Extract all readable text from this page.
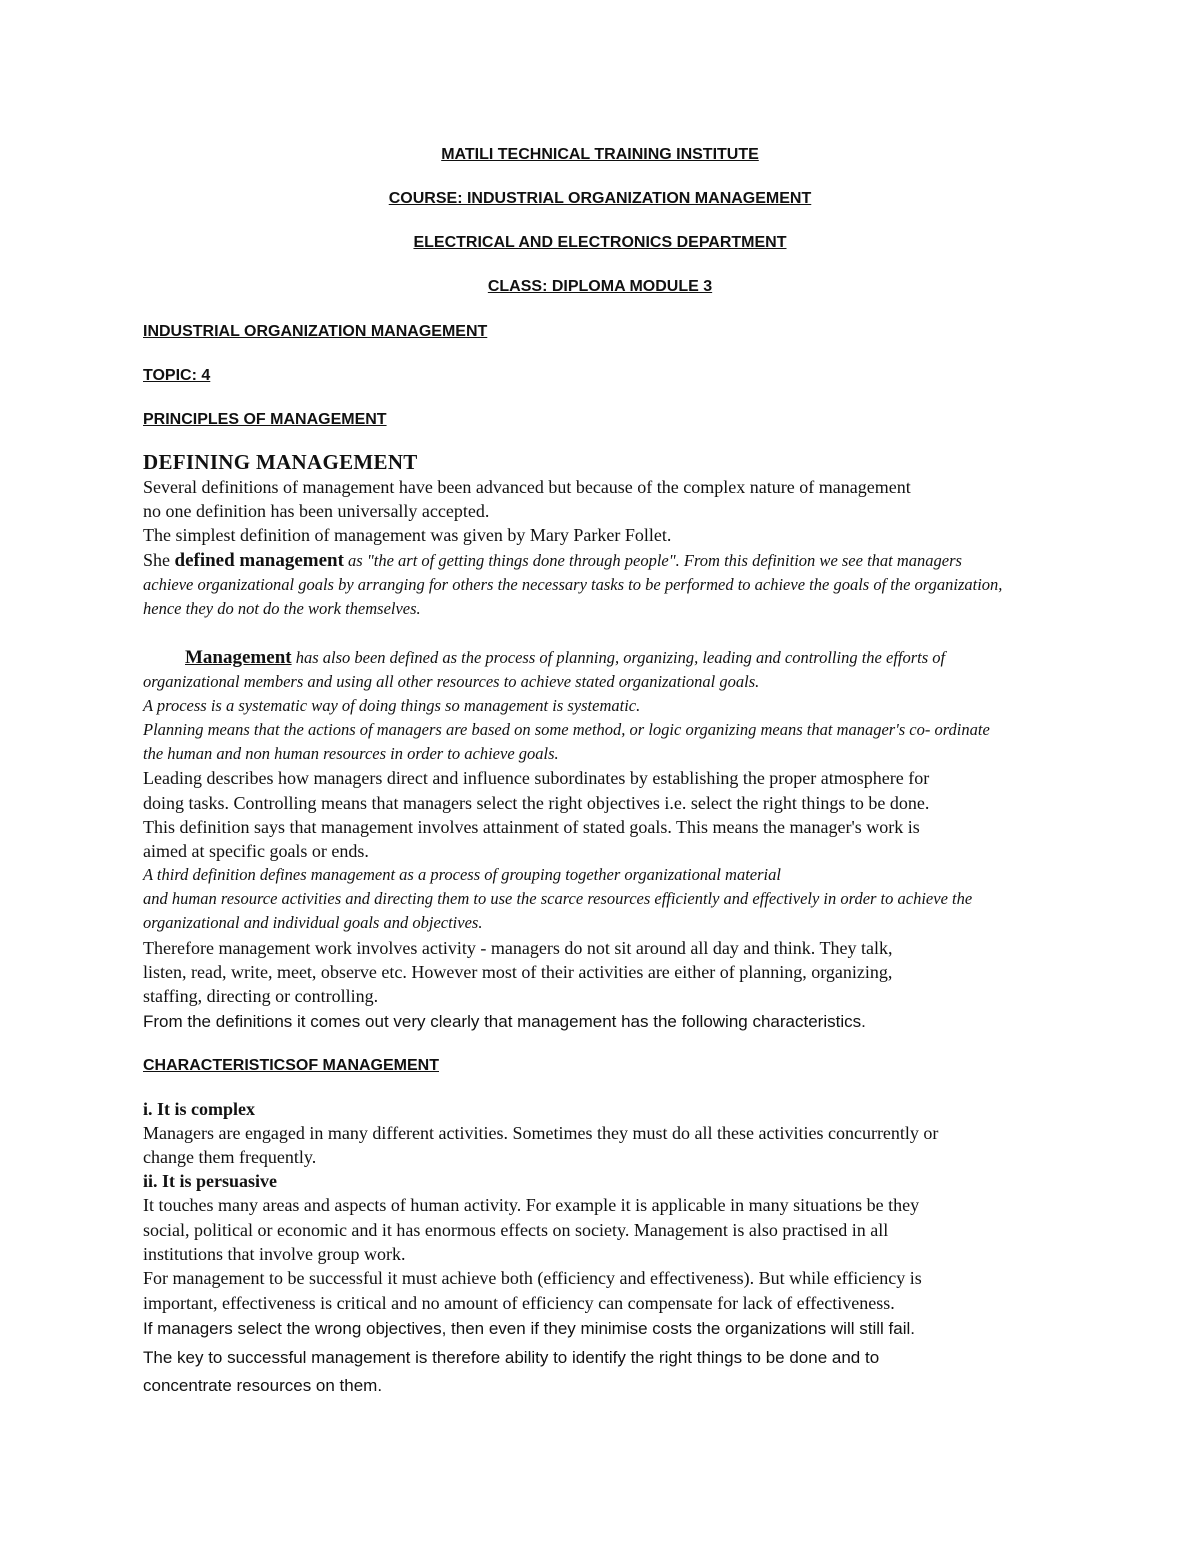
MATILI TECHNICAL TRAINING INSTITUTE
COURSE: INDUSTRIAL ORGANIZATION MANAGEMENT
ELECTRICAL AND ELECTRONICS DEPARTMENT
CLASS: DIPLOMA MODULE 3
INDUSTRIAL ORGANIZATION MANAGEMENT
TOPIC: 4
PRINCIPLES OF MANAGEMENT
DEFINING MANAGEMENT
Several definitions of management have been advanced but because of the complex nature of management
no one definition has been universally accepted.
The simplest definition of management was given by Mary Parker Follet.
She defined management as "the art of getting things done through people". From this definition we see that managers
achieve organizational goals by arranging for others the necessary tasks to be performed to achieve the goals of the organization,
hence they do not do the work themselves.
Management has also been defined as the process of planning, organizing, leading and controlling the efforts of
organizational members and using all other resources to achieve stated organizational goals.
A process is a systematic way of doing things so management is systematic.
Planning means that the actions of managers are based on some method, or logic organizing means that manager's co- ordinate
the human and non human resources in order to achieve goals.
Leading describes how managers direct and influence subordinates by establishing the proper atmosphere for
doing tasks. Controlling means that managers select the right objectives i.e. select the right things to be done.
This definition says that management involves attainment of stated goals. This means the manager's work is
aimed at specific goals or ends.
A third definition defines management as a process of grouping together organizational material
and human resource activities and directing them to use the scarce resources efficiently and effectively in order to achieve the
organizational and individual goals and objectives.
Therefore management work involves activity - managers do not sit around all day and think. They talk,
listen, read, write, meet, observe etc. However most of their activities are either of planning, organizing,
staffing, directing or controlling.
From the definitions it comes out very clearly that management has the following characteristics.
CHARACTERISTICSOF MANAGEMENT
i. It is complex
Managers are engaged in many different activities. Sometimes they must do all these activities concurrently or
change them frequently.
ii. It is persuasive
It touches many areas and aspects of human activity. For example it is applicable in many situations be they
social, political or economic and it has enormous effects on society. Management is also practised in all
institutions that involve group work.
For management to be successful it must achieve both (efficiency and effectiveness). But while efficiency is
important, effectiveness is critical and no amount of efficiency can compensate for lack of effectiveness.
If managers select the wrong objectives, then even if they minimise costs the organizations will still fail.
The key to successful management is therefore ability to identify the right things to be done and to
concentrate resources on them.
